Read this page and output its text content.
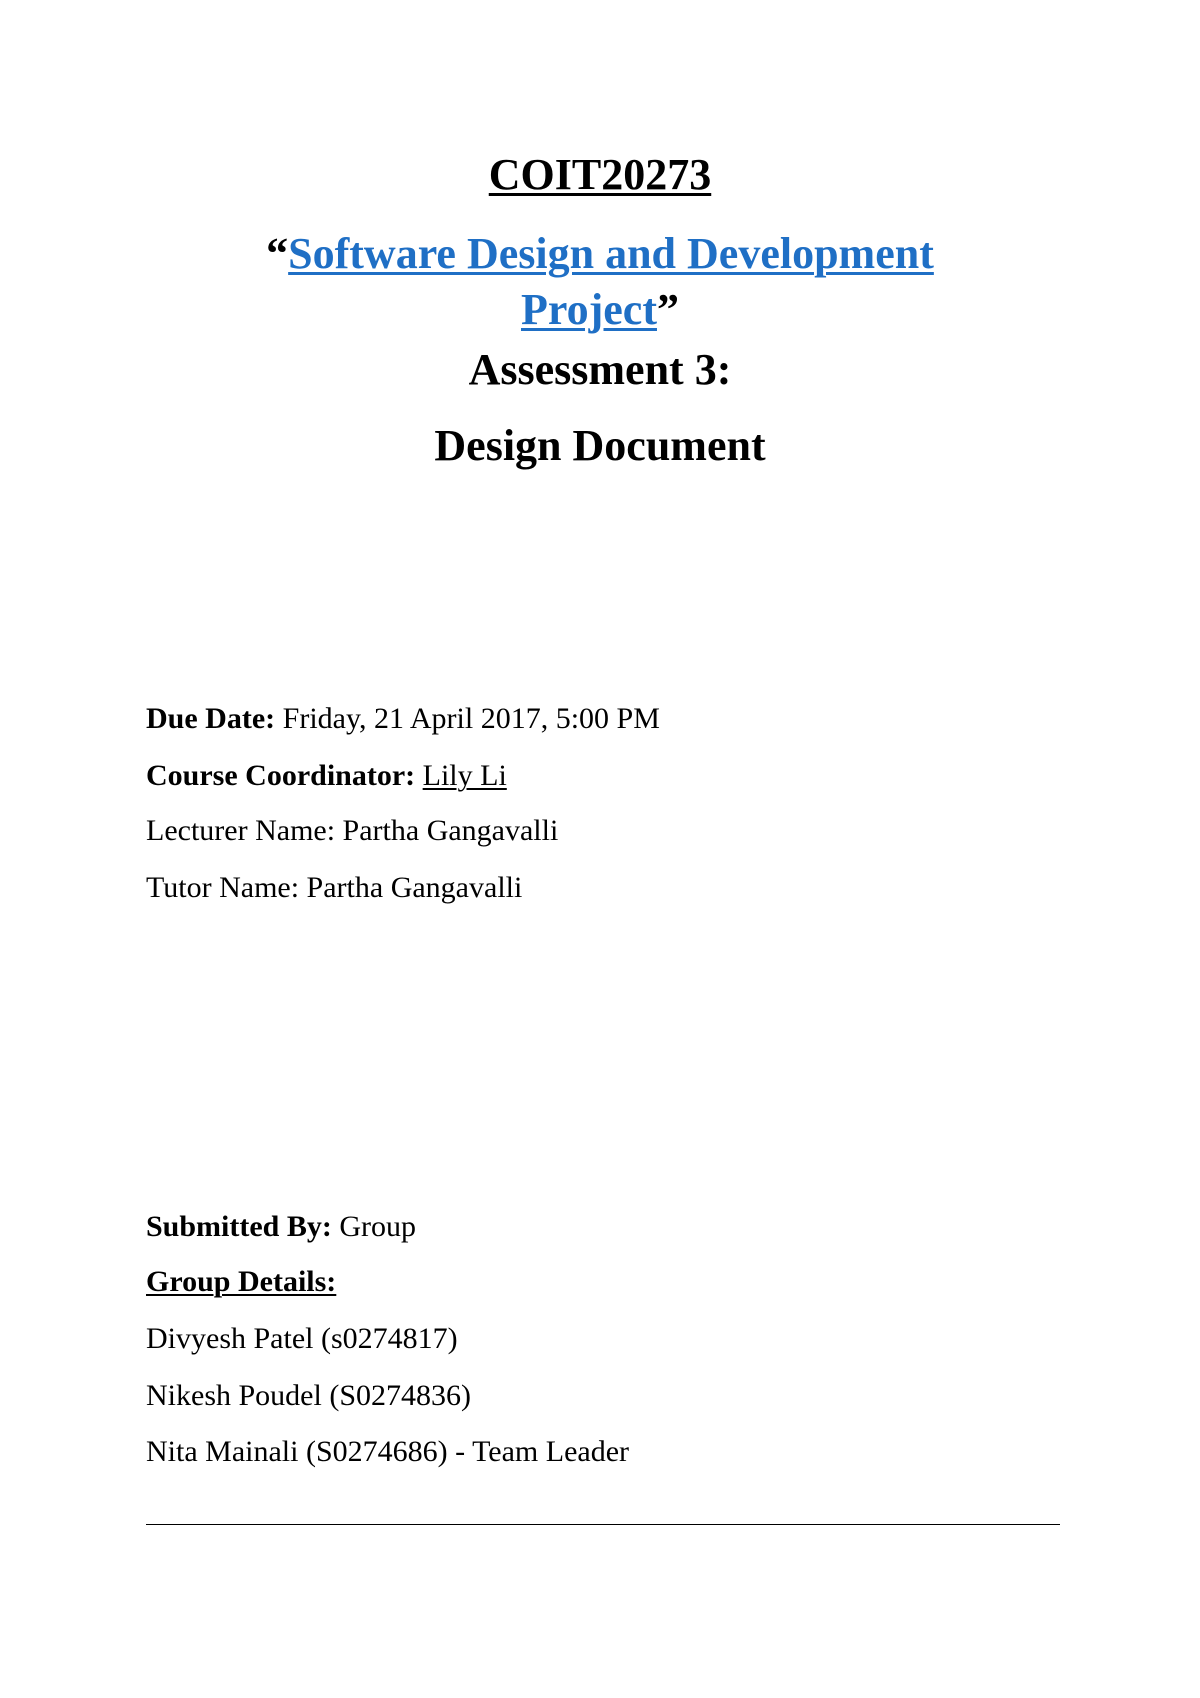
COIT20273
“Software Design and Development
Project”
Assessment 3:
Design Document
Due Date: Friday, 21 April 2017, 5:00 PM
Course Coordinator: Lily Li
Lecturer Name: Partha Gangavalli
Tutor Name: Partha Gangavalli
Submitted By: Group
Group Details:
Divyesh Patel (s0274817)
Nikesh Poudel (S0274836)
Nita Mainali (S0274686) - Team Leader
